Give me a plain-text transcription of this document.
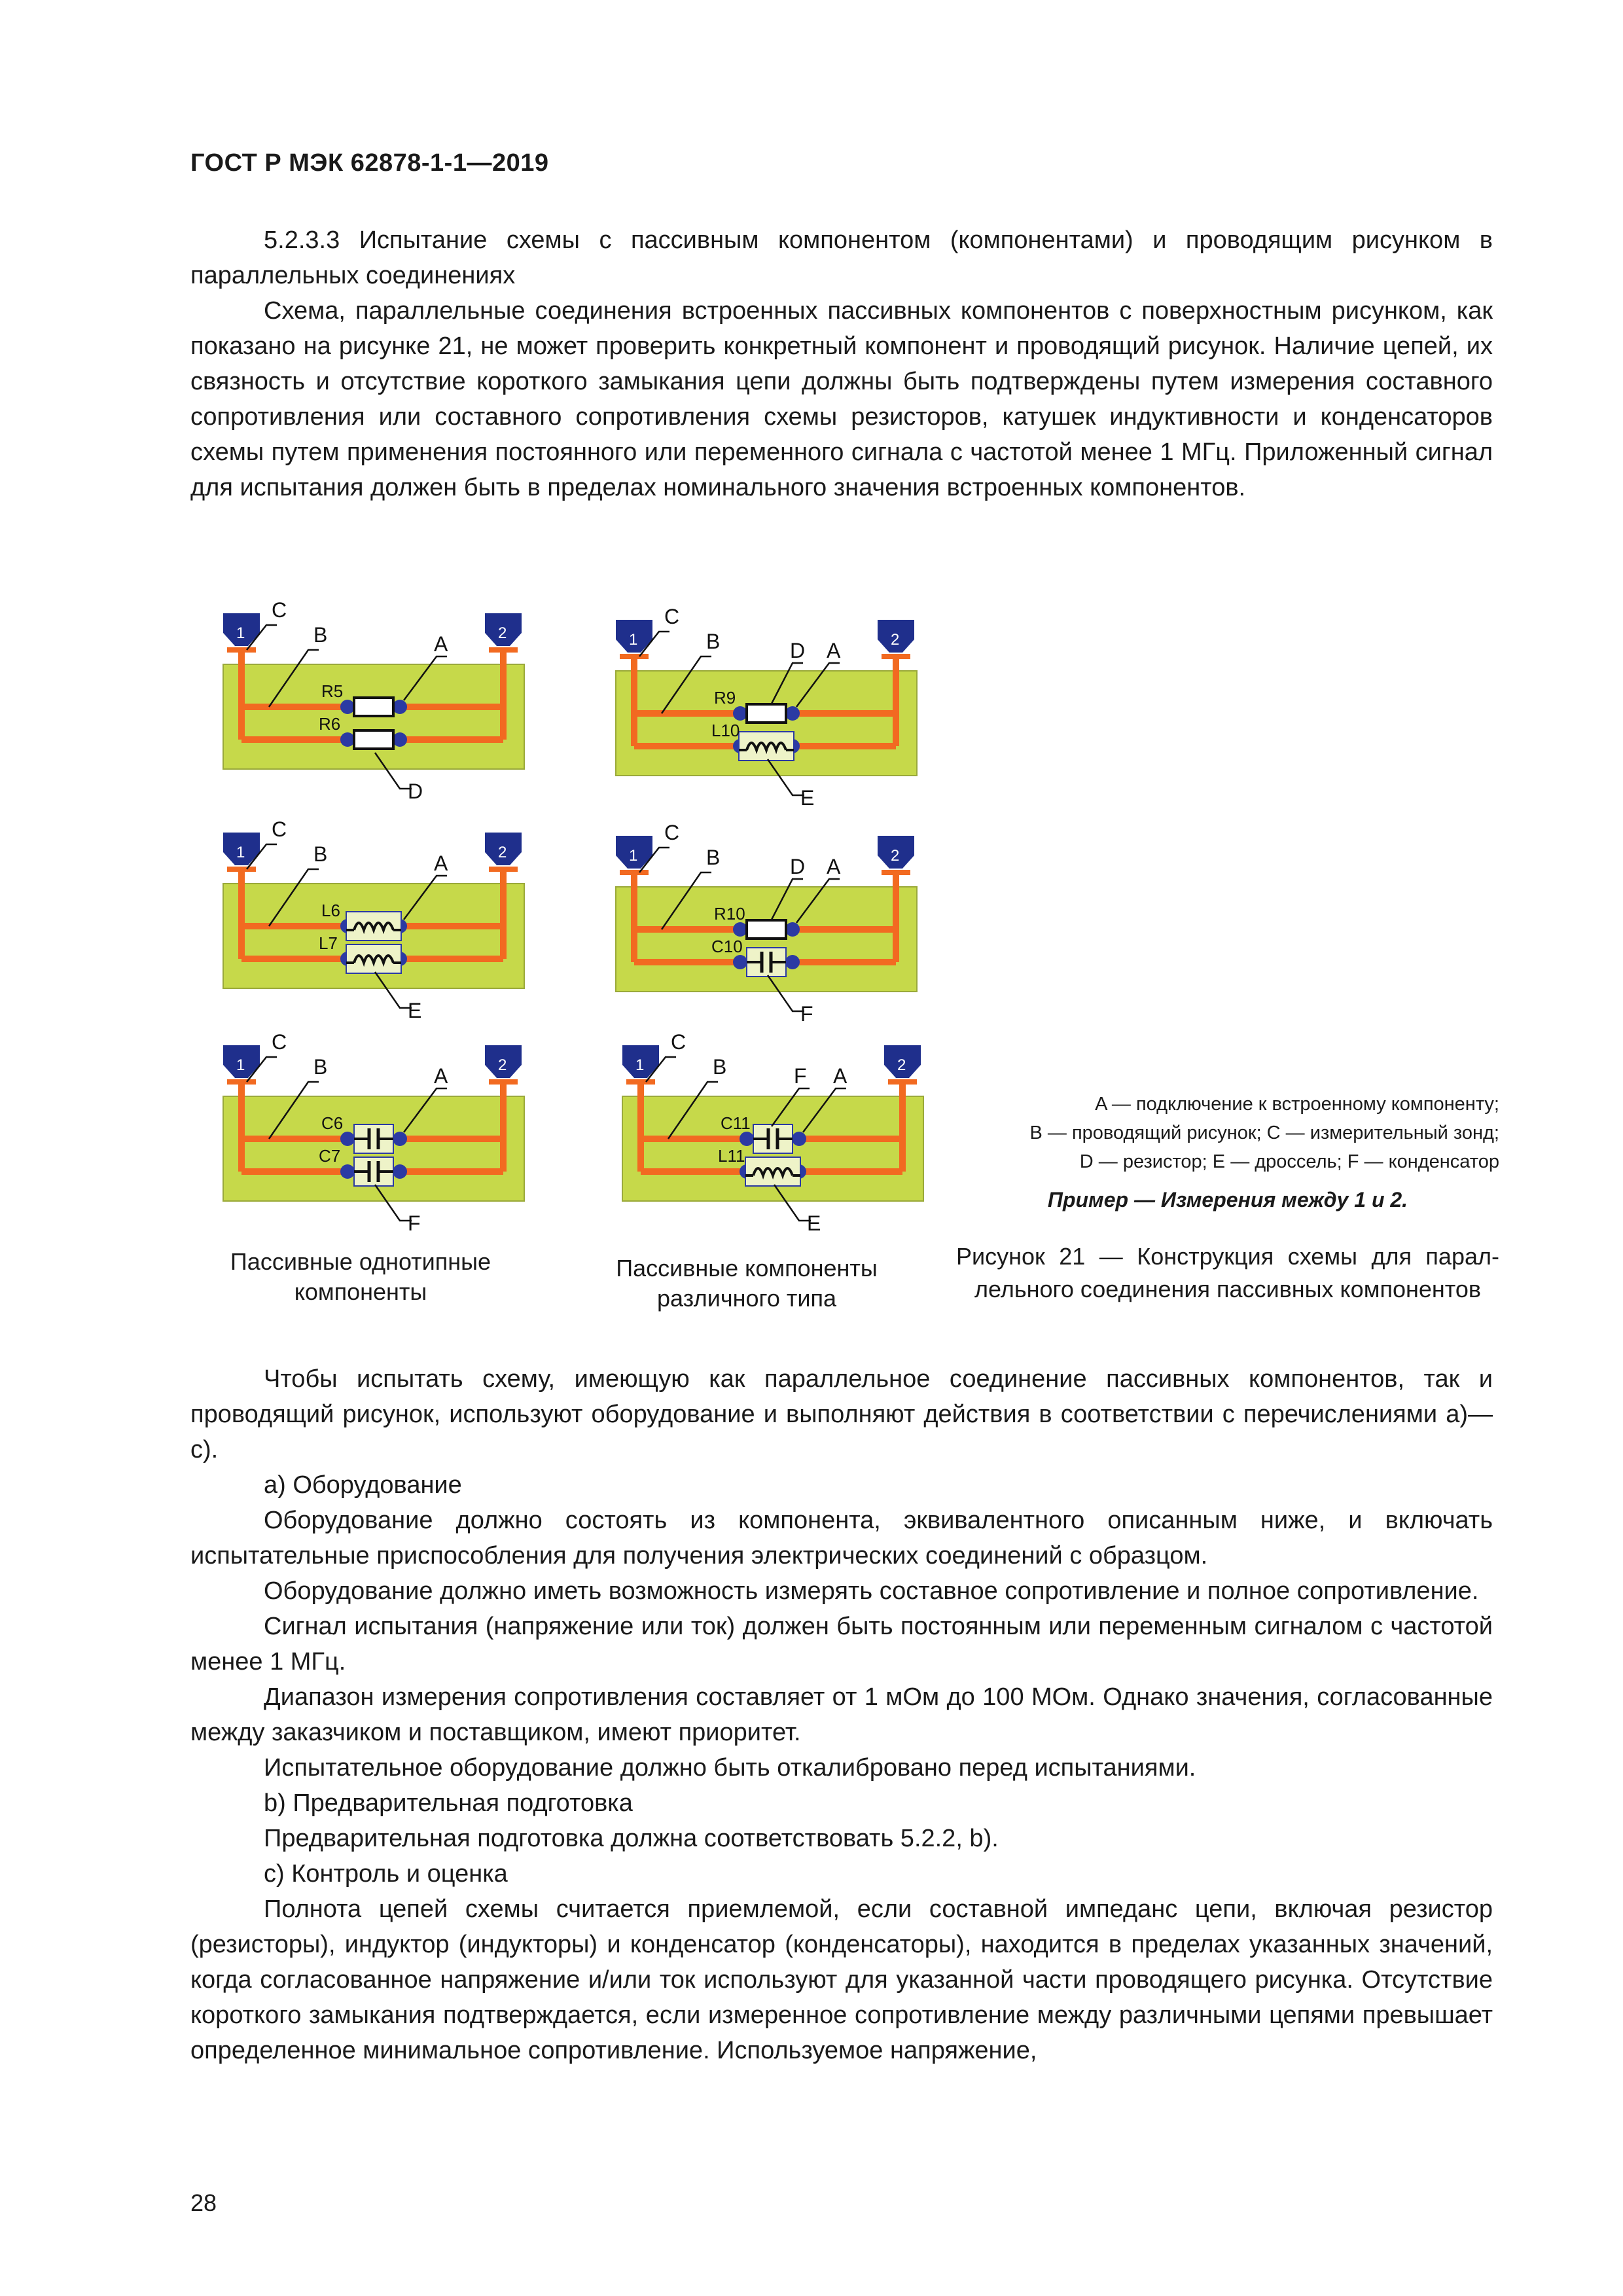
ГОСТ Р МЭК 62878-1-1—2019

5.2.3.3 Испытание схемы с пассивным компонентом (компонентами) и проводящим рисунком в параллельных соединениях

Схема, параллельные соединения встроенных пассивных компонентов с поверхностным рисунком, как показано на рисунке 21, не может проверить конкретный компонент и проводящий рисунок. Наличие цепей, их связность и отсутствие короткого замыкания цепи должны быть подтверждены путем измерения составного сопротивления или составного сопротивления схемы резисторов, катушек индуктивности и конденсаторов схемы путем применения постоянного или переменного сигнала с частотой менее 1 МГц. Приложенный сигнал для испытания должен быть в пределах номинального значения встроенных компонентов.

R5
R6
1	2
C
B	A
D
R9
L10
1	2
C
B	A
D
E
L6
L7
1	2
C
B	A
E
R10
C10
1	2
C
B	A
D
F
C6
C7
1	2
C
B	A
F
C11
L11
1	2
C
B	A
F
E
Пассивные однотипные
компоненты
Пассивные компоненты
различного типа
A — подключение к встроенному компоненту;
B — проводящий рисунок; C — измерительный зонд;
D — резистор; E — дроссель; F — конденсатор
Пример — Измерения между 1 и 2.
Рисунок 21 — Конструкция схемы для парал-
лельного соединения пассивных компонентов

Чтобы испытать схему, имеющую как параллельное соединение пассивных компонентов, так и проводящий рисунок, используют оборудование и выполняют действия в соответствии с перечислениями а)—с).

a) Оборудование

Оборудование должно состоять из компонента, эквивалентного описанным ниже, и включать испытательные приспособления для получения электрических соединений с образцом.

Оборудование должно иметь возможность измерять составное сопротивление и полное сопротивление.

Сигнал испытания (напряжение или ток) должен быть постоянным или переменным сигналом с частотой менее 1 МГц.

Диапазон измерения сопротивления составляет от 1 мОм до 100 МОм. Однако значения, согласованные между заказчиком и поставщиком, имеют приоритет.

Испытательное оборудование должно быть откалибровано перед испытаниями.

b) Предварительная подготовка

Предварительная подготовка должна соответствовать 5.2.2, b).

c) Контроль и оценка

Полнота цепей схемы считается приемлемой, если составной импеданс цепи, включая резистор (резисторы), индуктор (индукторы) и конденсатор (конденсаторы), находится в пределах указанных значений, когда согласованное напряжение и/или ток используют для указанной части проводящего рисунка. Отсутствие короткого замыкания подтверждается, если измеренное сопротивление между различными цепями превышает определенное минимальное сопротивление. Используемое напряжение,

28
